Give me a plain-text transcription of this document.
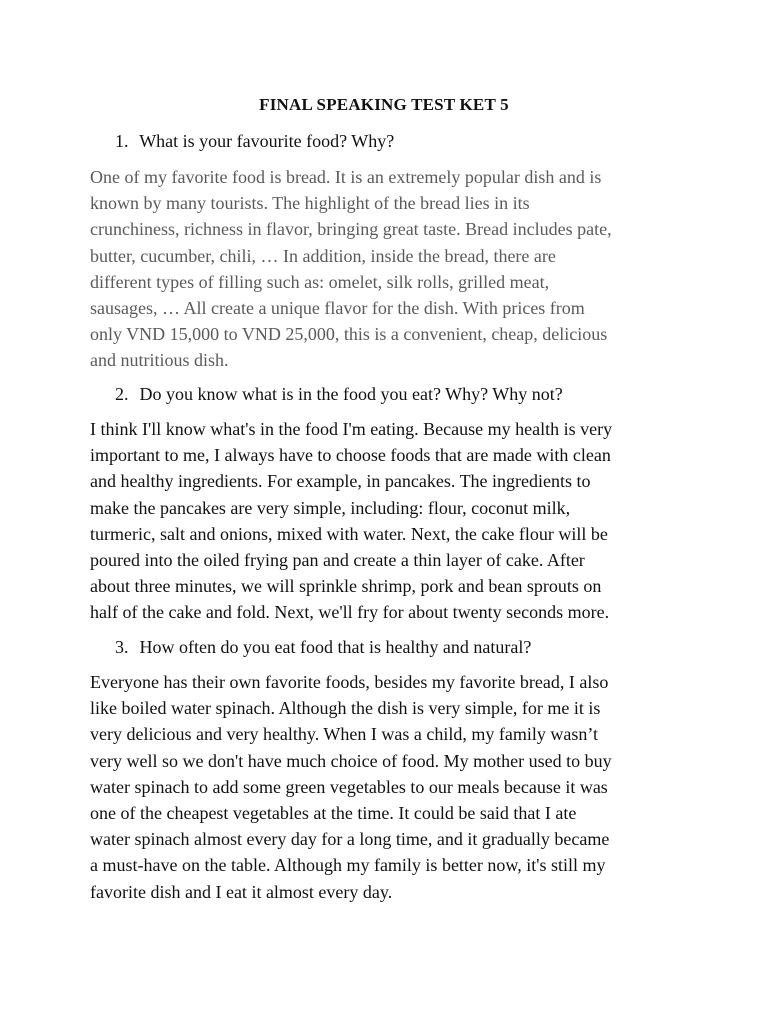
FINAL SPEAKING TEST KET 5
1. What is your favourite food? Why?
One of my favorite food is bread. It is an extremely popular dish and is
known by many tourists. The highlight of the bread lies in its
crunchiness, richness in flavor, bringing great taste. Bread includes pate,
butter, cucumber, chili, … In addition, inside the bread, there are
different types of filling such as: omelet, silk rolls, grilled meat,
sausages, … All create a unique flavor for the dish. With prices from
only VND 15,000 to VND 25,000, this is a convenient, cheap, delicious
and nutritious dish.
2. Do you know what is in the food you eat? Why? Why not?
I think I'll know what's in the food I'm eating. Because my health is very
important to me, I always have to choose foods that are made with clean
and healthy ingredients. For example, in pancakes. The ingredients to
make the pancakes are very simple, including: flour, coconut milk,
turmeric, salt and onions, mixed with water. Next, the cake flour will be
poured into the oiled frying pan and create a thin layer of cake. After
about three minutes, we will sprinkle shrimp, pork and bean sprouts on
half of the cake and fold. Next, we'll fry for about twenty seconds more.
3. How often do you eat food that is healthy and natural?
Everyone has their own favorite foods, besides my favorite bread, I also
like boiled water spinach. Although the dish is very simple, for me it is
very delicious and very healthy. When I was a child, my family wasn’t
very well so we don't have much choice of food. My mother used to buy
water spinach to add some green vegetables to our meals because it was
one of the cheapest vegetables at the time. It could be said that I ate
water spinach almost every day for a long time, and it gradually became
a must-have on the table. Although my family is better now, it's still my
favorite dish and I eat it almost every day.
